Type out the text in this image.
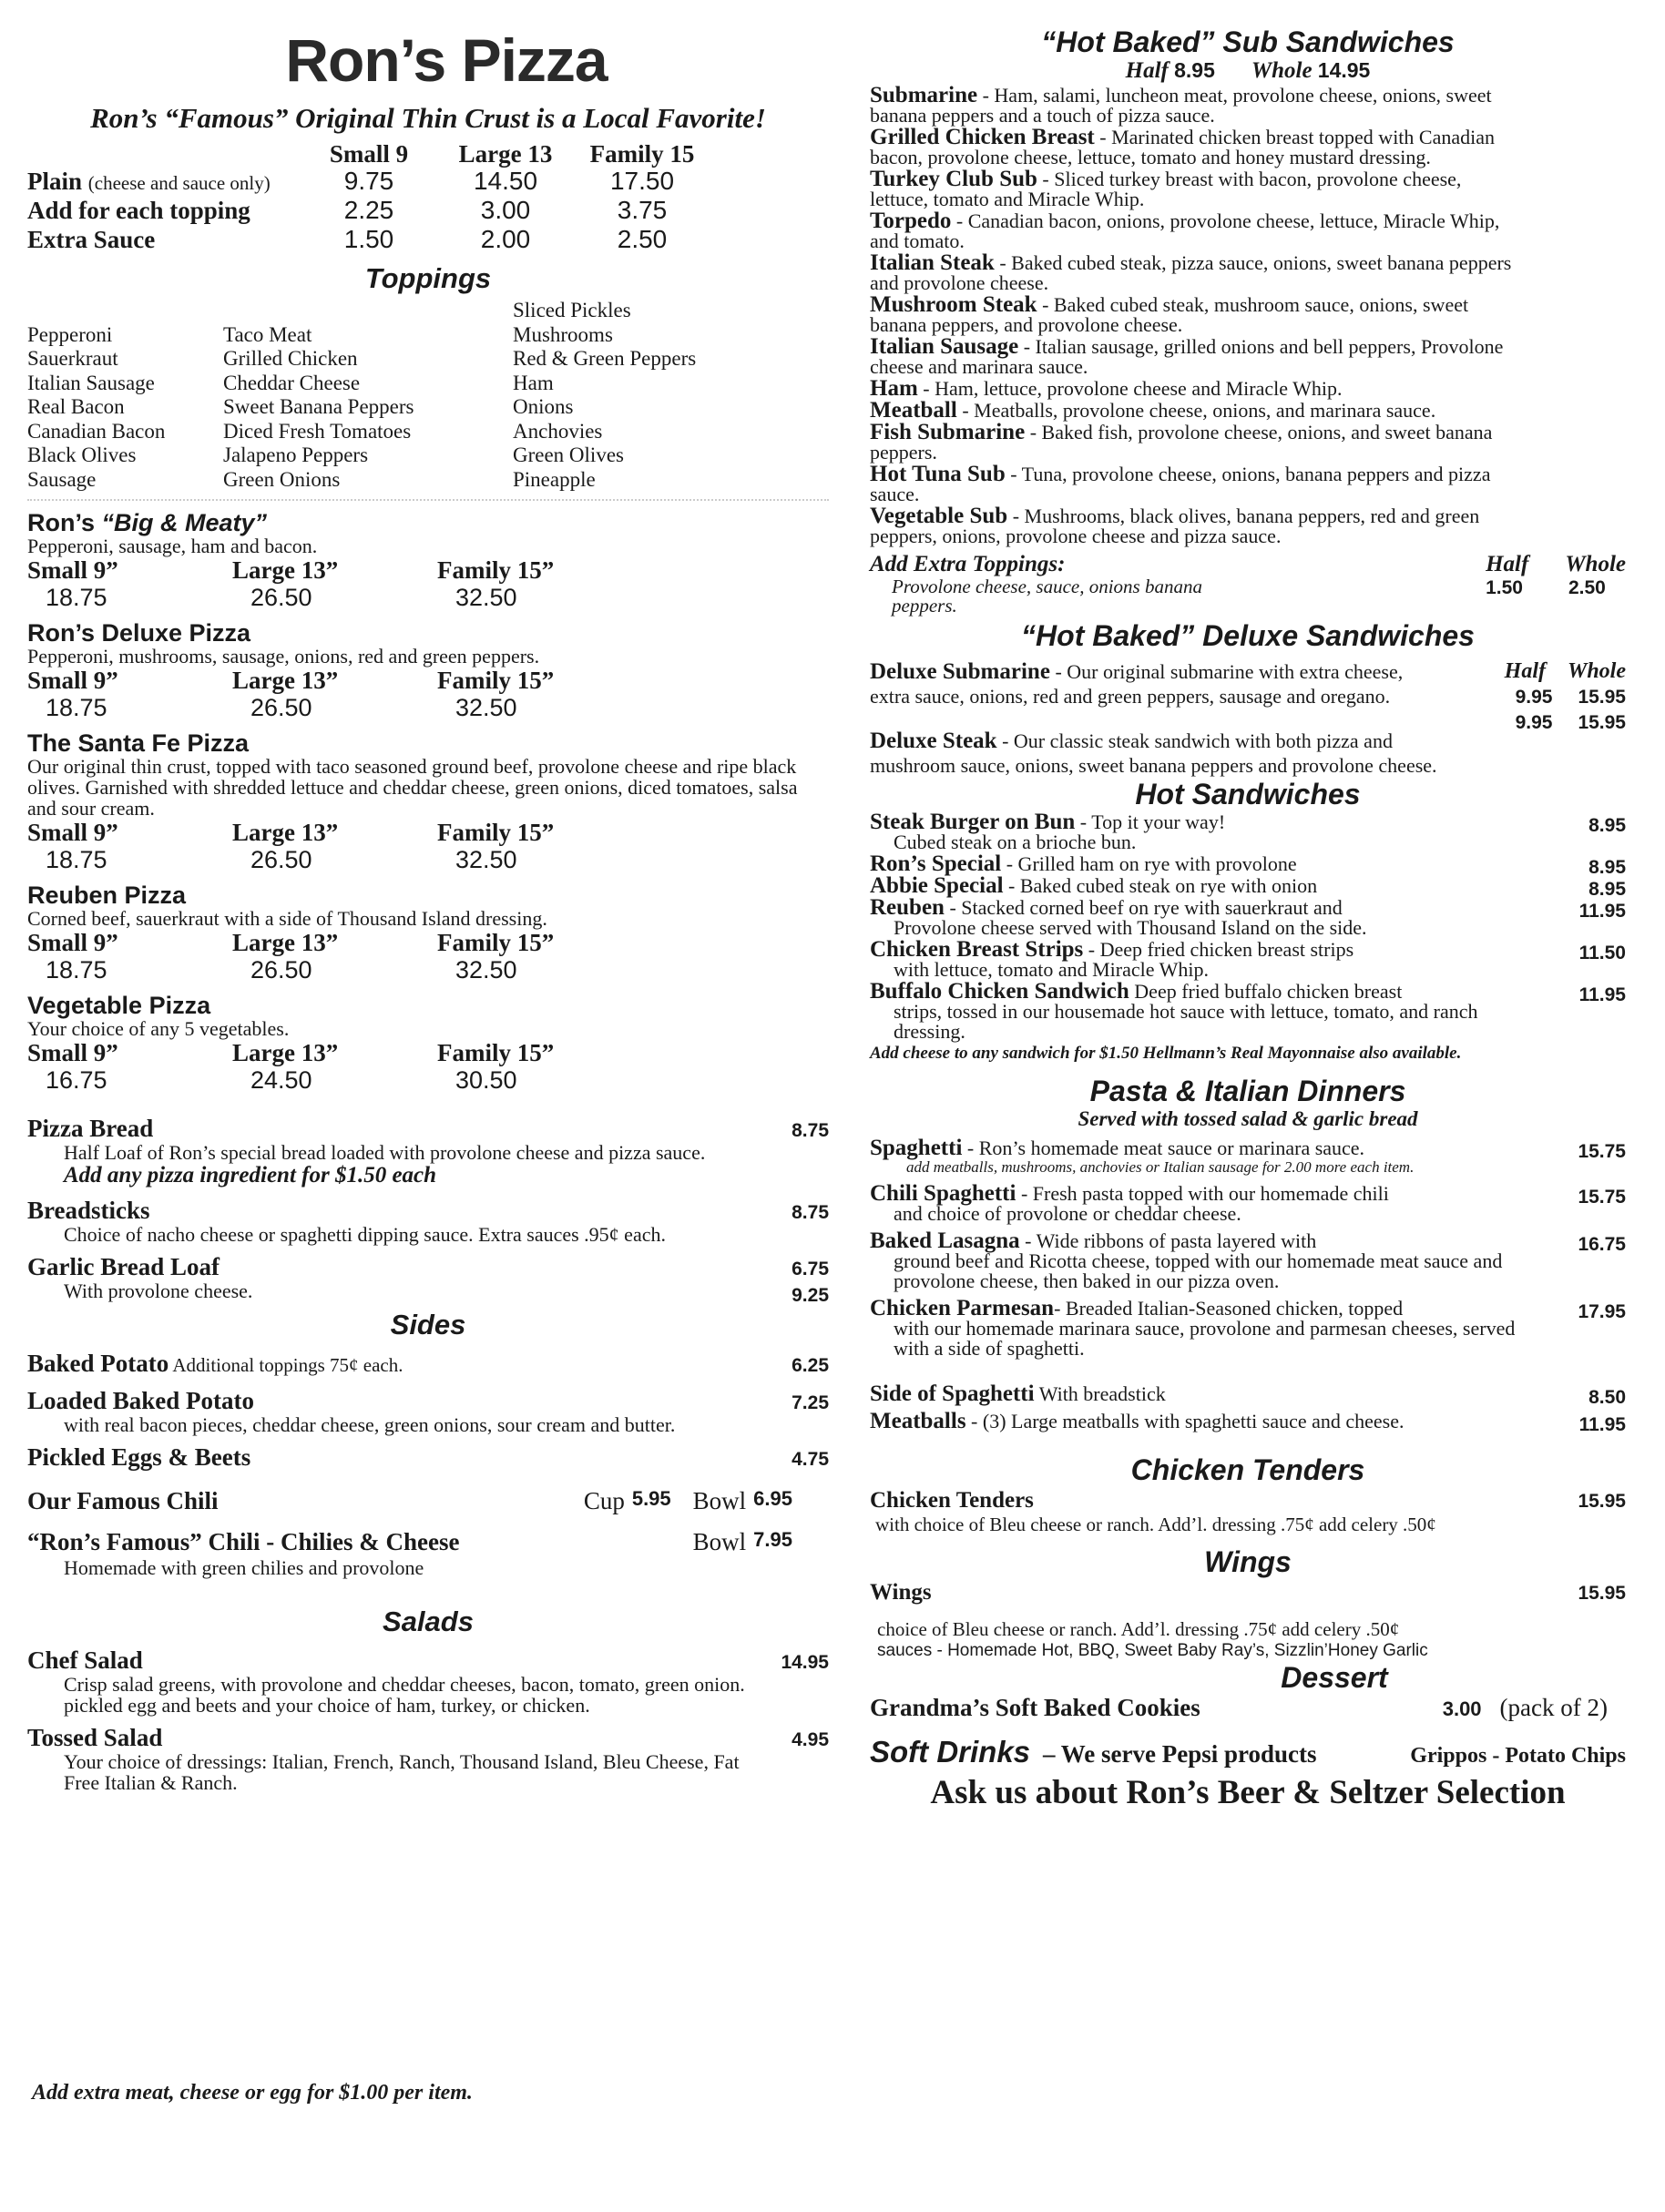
Ron’s Pizza
Ron’s “Famous” Original Thin Crust is a Local Favorite!
Small 9	Large 13	Family 15
Plain (cheese and sauce only)	9.75	14.50	17.50
Add for each topping	2.25	3.00	3.75
Extra Sauce	1.50	2.00	2.50
Toppings
Pepperoni
Sauerkraut
Italian Sausage
Real Bacon
Canadian Bacon
Black Olives
Sausage
Taco Meat
Grilled Chicken
Cheddar Cheese
Sweet Banana Peppers
Diced Fresh Tomatoes
Jalapeno Peppers
Green Onions
Sliced Pickles
Mushrooms
Red & Green Peppers
Ham
Onions
Anchovies
Green Olives
Pineapple
Ron’s “Big & Meaty”
Pepperoni, sausage, ham and bacon.
Small 9”	Large 13”	Family 15”
18.75	26.50	32.50
Ron’s Deluxe Pizza
Pepperoni, mushrooms, sausage, onions, red and green peppers.
Small 9”	Large 13”	Family 15”
18.75	26.50	32.50
The Santa Fe Pizza
Our original thin crust, topped with taco seasoned ground beef, provolone cheese and ripe black olives. Garnished with shredded lettuce and cheddar cheese, green onions, diced tomatoes, salsa and sour cream.
Small 9”	Large 13”	Family 15”
18.75	26.50	32.50
Reuben Pizza
Corned beef, sauerkraut with a side of Thousand Island dressing.
Small 9”	Large 13”	Family 15”
18.75	26.50	32.50
Vegetable Pizza
Your choice of any 5 vegetables.
Small 9”	Large 13”	Family 15”
16.75	24.50	30.50
Pizza Bread
Half Loaf of Ron’s special bread loaded with provolone cheese and pizza sauce.
Add any pizza ingredient for $1.50 each
8.75
Breadsticks
Choice of nacho cheese or spaghetti dipping sauce. Extra sauces .95¢ each.
8.75
Garlic Bread Loaf
With provolone cheese.
6.75
9.25
Sides
Baked Potato Additional toppings 75¢ each.	6.25
Loaded Baked Potato
with real bacon pieces, cheddar cheese, green onions, sour cream and butter.
7.25
Pickled Eggs & Beets	4.75
Our Famous Chili	Cup 5.95 Bowl 6.95
“Ron’s Famous” Chili - Chilies & Cheese	Bowl 7.95
Homemade with green chilies and provolone
Salads
Chef Salad
Crisp salad greens, with provolone and cheddar cheeses, bacon, tomato, green onion. pickled egg and beets and your choice of ham, turkey, or chicken.
14.95
Tossed Salad
Your choice of dressings: Italian, French, Ranch, Thousand Island, Bleu Cheese, Fat Free Italian & Ranch.
4.95
Add extra meat, cheese or egg for $1.00 per item.
“Hot Baked” Sub Sandwiches
Half 8.95 Whole 14.95
Submarine - Ham, salami, luncheon meat, provolone cheese, onions, sweet banana peppers and a touch of pizza sauce.
Grilled Chicken Breast - Marinated chicken breast topped with Canadian bacon, provolone cheese, lettuce, tomato and honey mustard dressing.
Turkey Club Sub - Sliced turkey breast with bacon, provolone cheese, lettuce, tomato and Miracle Whip.
Torpedo - Canadian bacon, onions, provolone cheese, lettuce, Miracle Whip, and tomato.
Italian Steak - Baked cubed steak, pizza sauce, onions, sweet banana peppers and provolone cheese.
Mushroom Steak - Baked cubed steak, mushroom sauce, onions, sweet banana peppers, and provolone cheese.
Italian Sausage - Italian sausage, grilled onions and bell peppers, Provolone cheese and marinara sauce.
Ham - Ham, lettuce, provolone cheese and Miracle Whip.
Meatball - Meatballs, provolone cheese, onions, and marinara sauce.
Fish Submarine - Baked fish, provolone cheese, onions, and sweet banana peppers.
Hot Tuna Sub - Tuna, provolone cheese, onions, banana peppers and pizza sauce.
Vegetable Sub - Mushrooms, black olives, banana peppers, red and green peppers, onions, provolone cheese and pizza sauce.
Add Extra Toppings:
Provolone cheese, sauce, onions banana peppers.
Half Whole
1.50 2.50
“Hot Baked” Deluxe Sandwiches
Half Whole
Deluxe Submarine - Our original submarine with extra cheese, extra sauce, onions, red and green peppers, sausage and oregano.	9.95 15.95
Deluxe Steak - Our classic steak sandwich with both pizza and mushroom sauce, onions, sweet banana peppers and provolone cheese.
9.95 15.95
Hot Sandwiches
Steak Burger on Bun - Top it your way!
Cubed steak on a brioche bun.
8.95
Ron’s Special - Grilled ham on rye with provolone	8.95
Abbie Special - Baked cubed steak on rye with onion	8.95
Reuben - Stacked corned beef on rye with sauerkraut and
Provolone cheese served with Thousand Island on the side.
11.95
Chicken Breast Strips - Deep fried chicken breast strips
with lettuce, tomato and Miracle Whip.
11.50
Buffalo Chicken Sandwich Deep fried buffalo chicken breast
strips, tossed in our housemade hot sauce with lettuce, tomato, and ranch dressing.
11.95
Add cheese to any sandwich for $1.50 Hellmann’s Real Mayonnaise also available.
Pasta & Italian Dinners
Served with tossed salad & garlic bread
Spaghetti - Ron’s homemade meat sauce or marinara sauce.
add meatballs, mushrooms, anchovies or Italian sausage for 2.00 more each item.
15.75
Chili Spaghetti - Fresh pasta topped with our homemade chili
and choice of provolone or cheddar cheese.
15.75
Baked Lasagna - Wide ribbons of pasta layered with
ground beef and Ricotta cheese, topped with our homemade meat sauce and provolone cheese, then baked in our pizza oven.
16.75
Chicken Parmesan- Breaded Italian-Seasoned chicken, topped
with our homemade marinara sauce, provolone and parmesan cheeses, served with a side of spaghetti.
17.95
Side of Spaghetti With breadstick	8.50
Meatballs - (3) Large meatballs with spaghetti sauce and cheese.	11.95
Chicken Tenders
Chicken Tenders	15.95
with choice of Bleu cheese or ranch. Add’l. dressing .75¢ add celery .50¢
Wings
Wings	15.95
choice of Bleu cheese or ranch. Add’l. dressing .75¢ add celery .50¢
sauces - Homemade Hot, BBQ, Sweet Baby Ray’s, Sizzlin’Honey Garlic
Dessert
Grandma’s Soft Baked Cookies	3.00 (pack of 2)
Soft Drinks – We serve Pepsi products	Grippos - Potato Chips
Ask us about Ron’s Beer & Seltzer Selection
